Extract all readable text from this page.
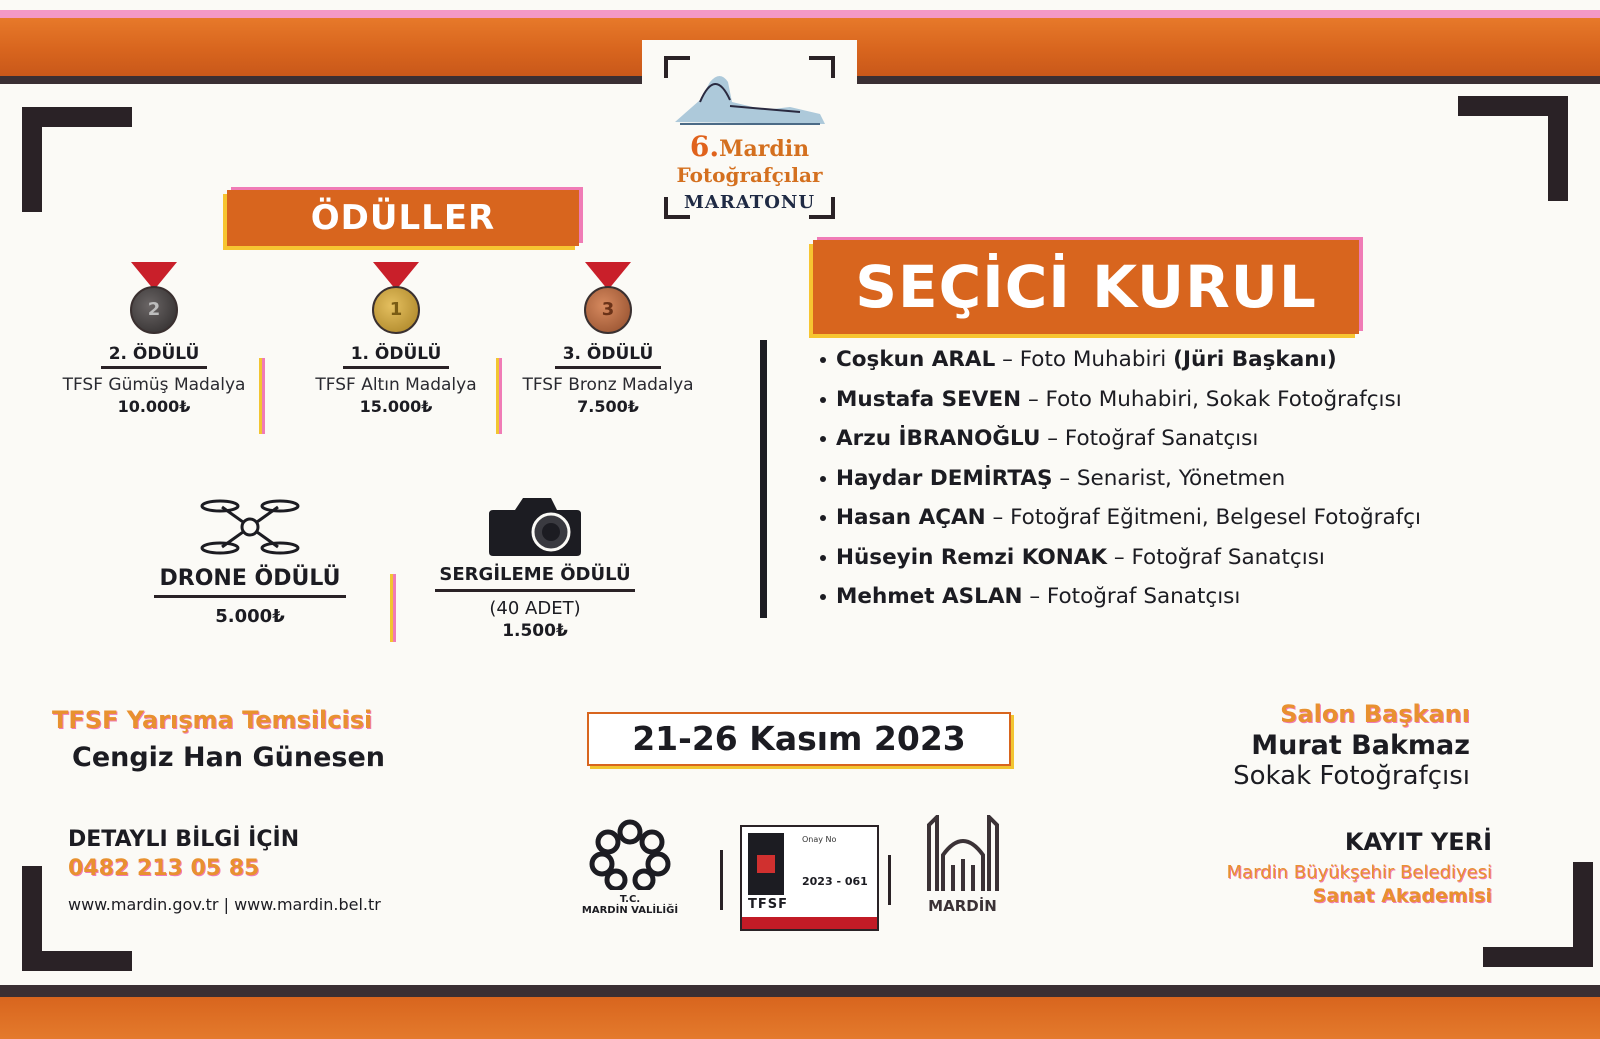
6.Mardin
Fotoğrafçılar
MARATONU
ÖDÜLLER
2
2. ÖDÜLÜ
TFSF Gümüş Madalya
10.000₺
1
1. ÖDÜLÜ
TFSF Altın Madalya
15.000₺
3
3. ÖDÜLÜ
TFSF Bronz Madalya
7.500₺
DRONE ÖDÜLÜ
5.000₺
SERGİLEME ÖDÜLÜ
(40 ADET)
1.500₺
SEÇİCİ KURUL
Coşkun ARAL – Foto Muhabiri (Jüri Başkanı)
Mustafa SEVEN – Foto Muhabiri, Sokak Fotoğrafçısı
Arzu İBRANOĞLU – Fotoğraf Sanatçısı
Haydar DEMİRTAŞ – Senarist, Yönetmen
Hasan AÇAN – Fotoğraf Eğitmeni, Belgesel Fotoğrafçı
Hüseyin Remzi KONAK – Fotoğraf Sanatçısı
Mehmet ASLAN – Fotoğraf Sanatçısı
TFSF Yarışma Temsilcisi
Cengiz Han Günesen	21-26 Kasım 2023
Salon Başkanı
Murat Bakmaz
Sokak Fotoğrafçısı
DETAYLI BİLGİ İÇİN
0482 213 05 85
www.mardin.gov.tr | www.mardin.bel.tr	T.C.
MARDİN VALİLİĞİ
Onay No
2023 - 061
TFSF	MARDİN
KAYIT YERİ
Mardin Büyükşehir Belediyesi
Sanat Akademisi
